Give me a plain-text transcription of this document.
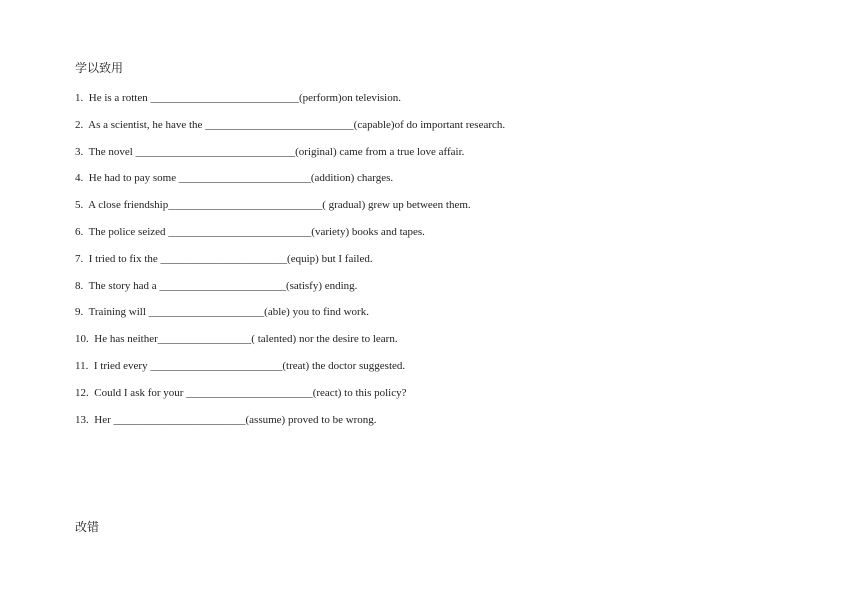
学以致用
1. He is a rotten ___________________________(perform)on television.
2. As a scientist, he have the ___________________________(capable)of do important research.
3. The novel _____________________________(original) came from a true love affair.
4. He had to pay some ________________________(addition) charges.
5. A close friendship____________________________( gradual) grew up between them.
6. The police seized __________________________(variety) books and tapes.
7. I tried to fix the _______________________(equip) but I failed.
8. The story had a _______________________(satisfy) ending.
9. Training will _____________________(able) you to find work.
10. He has neither_________________( talented) nor the desire to learn.
11. I tried every ________________________(treat) the doctor suggested.
12. Could I ask for your _______________________(react) to this policy?
13. Her ________________________(assume) proved to be wrong.
改错
